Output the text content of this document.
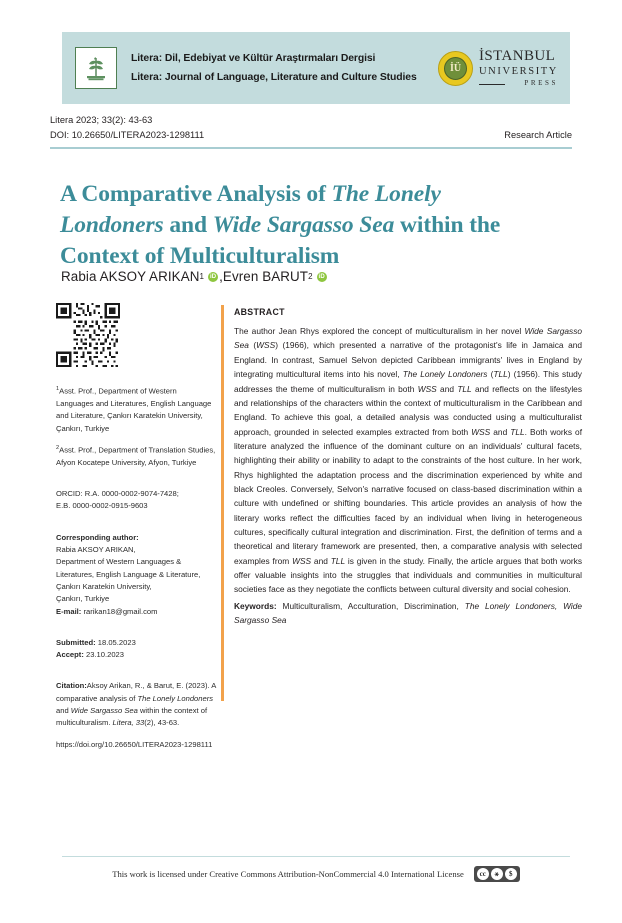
Litera: Dil, Edebiyat ve Kültür Araştırmaları Dergisi
Litera: Journal of Language, Literature and Culture Studies
İÜ
İSTANBUL
UNIVERSITY
PRESS
Litera 2023; 33(2): 43-63
DOI: 10.26650/LITERA2023-1298111	Research Article
A Comparative Analysis of The Lonely Londoners and Wide Sargasso Sea within the Context of Multiculturalism
Rabia AKSOY ARIKAN 1 iD , Evren BARUT 2
iD

$^1$Asst. Prof., Department of Western Languages and Literatures, English Language and Literature, Çankırı Karatekin University, Çankırı, Turkiye

$^2$Asst. Prof., Department of Translation Studies, Afyon Kocatepe University, Afyon, Turkiye

ORCID: R.A. 0000-0002-9074-7428;

E.B. 0000-0002-0915-9603

Corresponding author:

Rabia AKSOY ARIKAN,

Department of Western Languages &

Literatures, English Language & Literature,

Çankırı Karatekin University,

Çankırı, Turkiye

E-mail: rarikan18@gmail.com

Submitted: 18.05.2023

Accept: 23.10.2023

Citation:Aksoy Arikan, R., & Barut, E. (2023). A comparative analysis of The Lonely Londoners and Wide Sargasso Sea within the context of multiculturalism. Litera, 33(2), 43-63.

https://doi.org/10.26650/LITERA2023-1298111

ABSTRACT
The author Jean Rhys explored the concept of multiculturalism in her novel Wide Sargasso Sea (WSS) (1966), which presented a narrative of the protagonist's life in Jamaica and England. In contrast, Samuel Selvon depicted Caribbean immigrants' lives in England by integrating multicultural items into his novel, The Lonely Londoners (TLL) (1956). This study addresses the theme of multiculturalism in both WSS and TLL and reflects on the lifestyles and relationships of the characters within the context of multiculturalism in the Caribbean and England. To achieve this goal, a detailed analysis was conducted using a multiculturalist approach, grounded in selected examples extracted from both WSS and TLL. Both works of literature analyzed the influence of the dominant culture on an individuals' cultural facets, highlighting their ability or inability to adapt to the constraints of the host culture. In her work, Rhys highlighted the adaptation process and the discrimination experienced by white and black Creoles. Conversely, Selvon's narrative focused on class-based discrimination within a culture with undefined or shifting boundaries. This article provides an analysis of how the literary works reflect the difficulties faced by an individual when living in heterogeneous cultures, specifically cultural integration and discrimination. First, the definition of terms and a theoretical and literary framework are presented, then, a comparative analysis with selected examples from WSS and TLL is given in the study. Finally, the article argues that both works offer valuable insights into the struggles that individuals and communities in multicultural societies face as they negotiate the conflicts between cultural diversity and social cohesion.
Keywords: Multiculturalism, Acculturation, Discrimination, The Lonely Londoners, Wide Sargasso Sea
This work is licensed under Creative Commons Attribution-NonCommercial 4.0 International License	cc	⚹	$
